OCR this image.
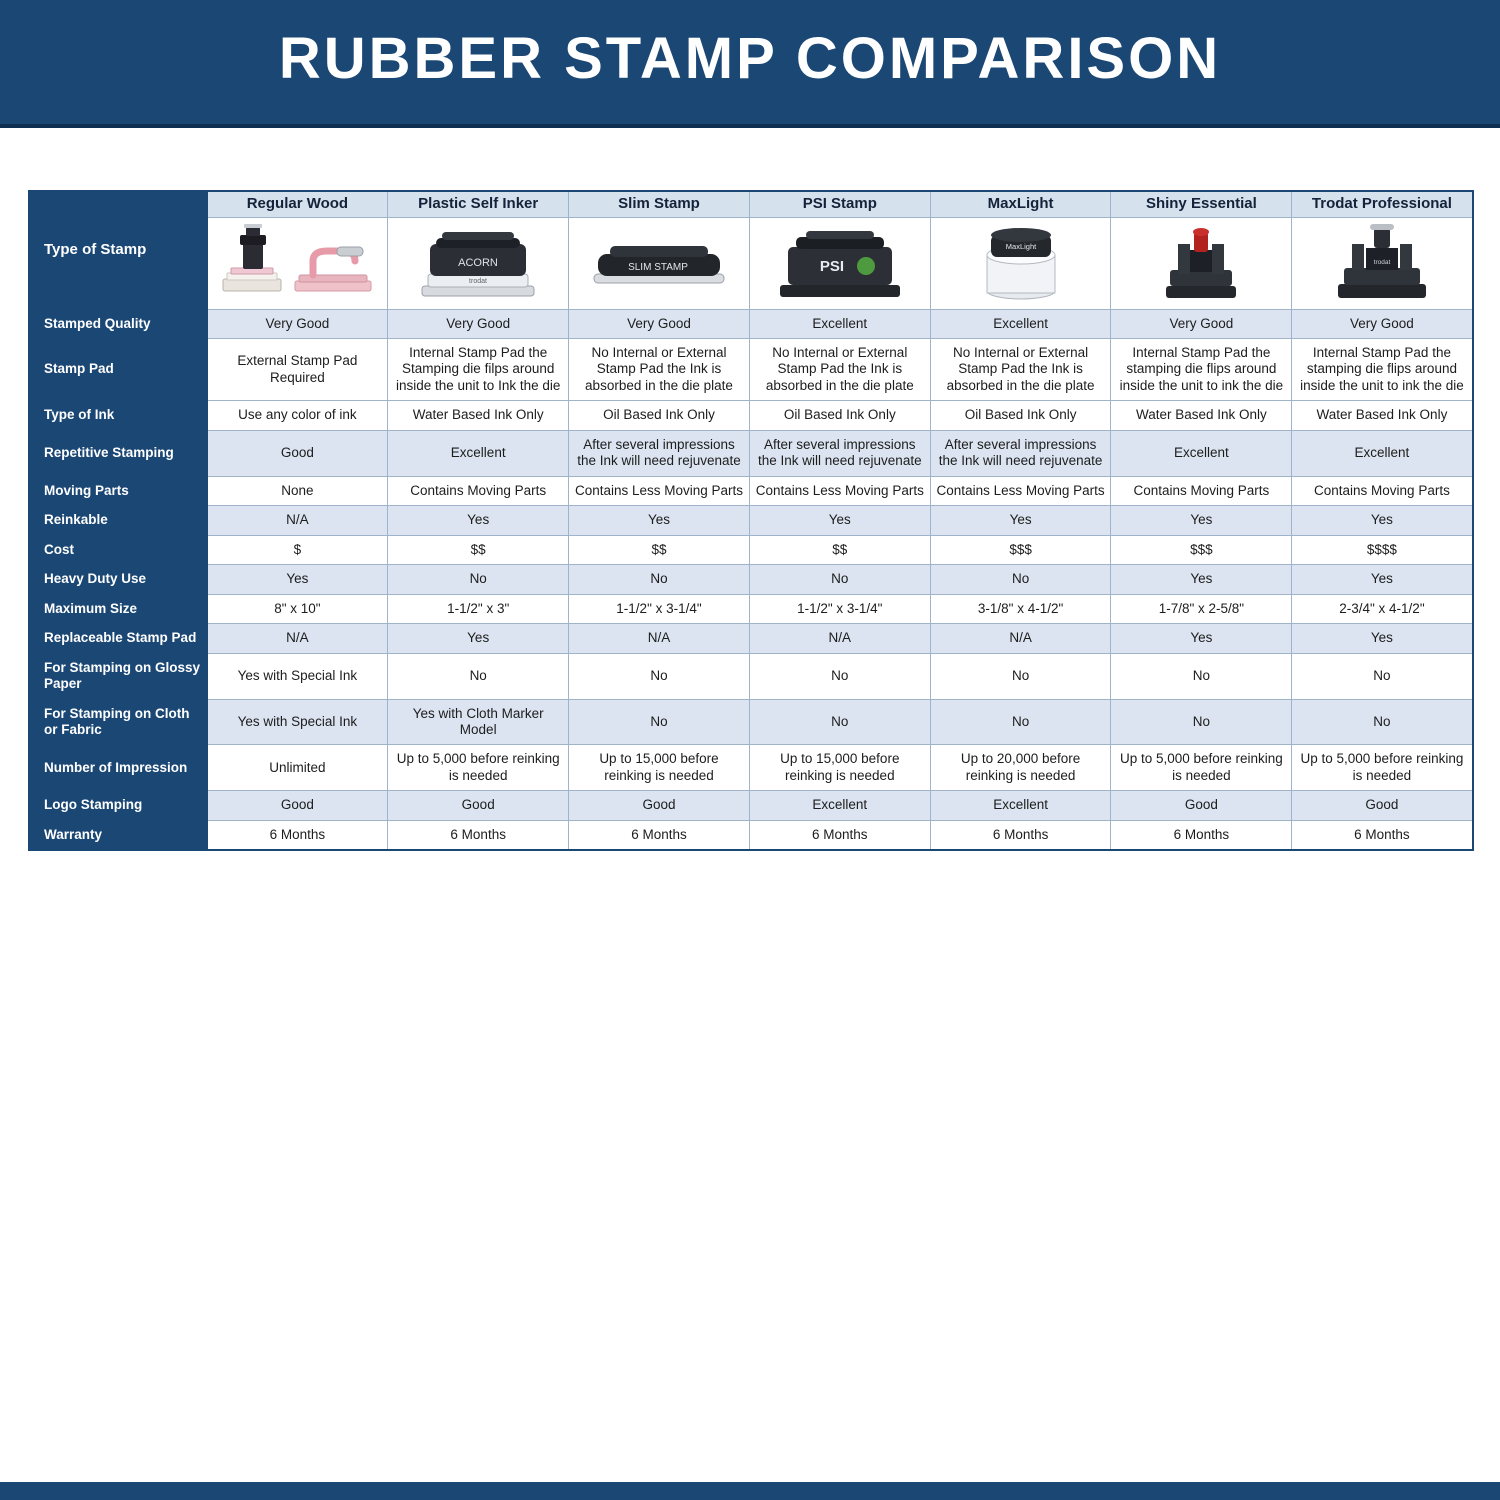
RUBBER STAMP COMPARISON
Type of Stamp	Regular Wood	Plastic Self Inker	Slim Stamp	PSI Stamp	MaxLight	Shiny Essential	Trodat Professional

ACORN
trodat	SLIM STAMP	PSI	MaxLight		trodat

Stamped Quality	Very Good	Very Good	Very Good	Excellent	Excellent	Very Good	Very Good
Stamp Pad	External Stamp Pad Required	Internal Stamp Pad the Stamping die filps around inside the unit to Ink the die	No Internal or External Stamp Pad the Ink is absorbed in the die plate	No Internal or External Stamp Pad the Ink is absorbed in the die plate	No Internal or External Stamp Pad the Ink is absorbed in the die plate	Internal Stamp Pad the stamping die flips around inside the unit to ink the die	Internal Stamp Pad the stamping die flips around inside the unit to ink the die
Type of Ink	Use any color of ink	Water Based Ink Only	Oil Based Ink Only	Oil Based Ink Only	Oil Based Ink Only	Water Based Ink Only	Water Based Ink Only
Repetitive Stamping	Good	Excellent	After several impressions the Ink will need rejuvenate	After several impressions the Ink will need rejuvenate	After several impressions the Ink will need rejuvenate	Excellent	Excellent
Moving Parts	None	Contains Moving Parts	Contains Less Moving Parts	Contains Less Moving Parts	Contains Less Moving Parts	Contains Moving Parts	Contains Moving Parts
Reinkable	N/A	Yes	Yes	Yes	Yes	Yes	Yes
Cost	$	$$	$$	$$	$$$	$$$	$$$$
Heavy Duty Use	Yes	No	No	No	No	Yes	Yes
Maximum Size	8" x 10"	1-1/2" x 3"	1-1/2" x 3-1/4"	1-1/2" x 3-1/4"	3-1/8" x 4-1/2"	1-7/8" x 2-5/8"	2-3/4" x 4-1/2"
Replaceable Stamp Pad	N/A	Yes	N/A	N/A	N/A	Yes	Yes
For Stamping on Glossy Paper	Yes with Special Ink	No	No	No	No	No	No
For Stamping on Cloth or Fabric	Yes with Special Ink	Yes with Cloth Marker Model	No	No	No	No	No
Number of Impression	Unlimited	Up to 5,000 before reinking is needed	Up to 15,000 before reinking is needed	Up to 15,000 before reinking is needed	Up to 20,000 before reinking is needed	Up to 5,000 before reinking is needed	Up to 5,000 before reinking is needed
Logo Stamping	Good	Good	Good	Excellent	Excellent	Good	Good
Warranty	6 Months	6 Months	6 Months	6 Months	6 Months	6 Months	6 Months
